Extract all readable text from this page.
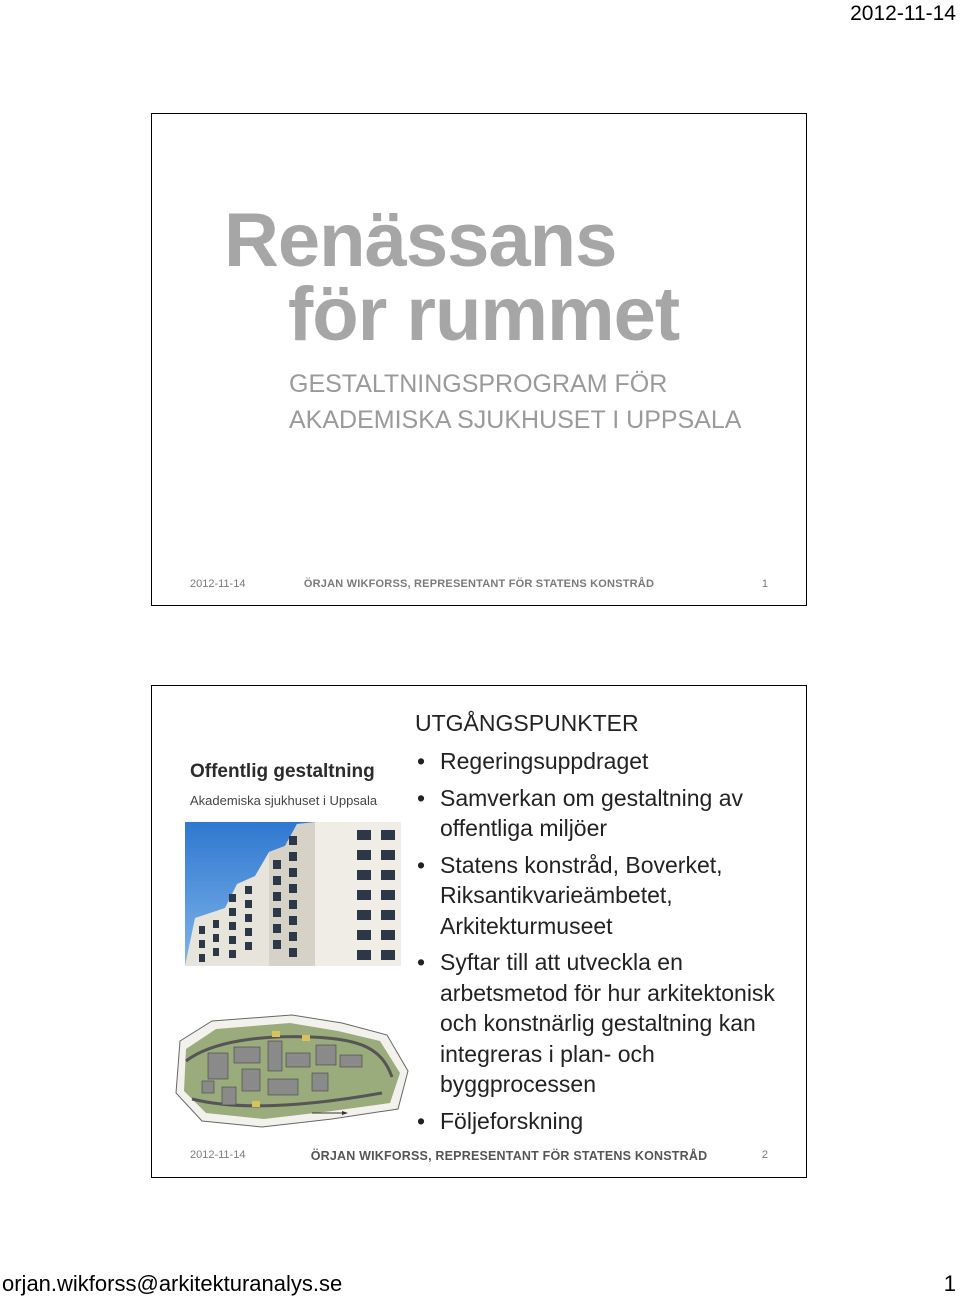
2012-11-14
Renässans
för rummet
GESTALTNINGSPROGRAM FÖR
AKADEMISKA SJUKHUSET I UPPSALA
2012-11-14	ÖRJAN WIKFORSS, REPRESENTANT FÖR STATENS KONSTRÅD	1
Offentlig gestaltning
Akademiska sjukhuset i Uppsala
UTGÅNGSPUNKTER
• Regeringsuppdraget
• Samverkan om gestaltning av offentliga miljöer
• Statens konstråd, Boverket, Riksantikvarieämbetet, Arkitekturmuseet
• Syftar till att utveckla en arbetsmetod för hur arkitektonisk och konstnärlig gestaltning kan integreras i plan- och byggprocessen
• Följeforskning
2012-11-14	ÖRJAN WIKFORSS, REPRESENTANT FÖR STATENS KONSTRÅD	2
orjan.wikforss@arkitekturanalys.se	1
